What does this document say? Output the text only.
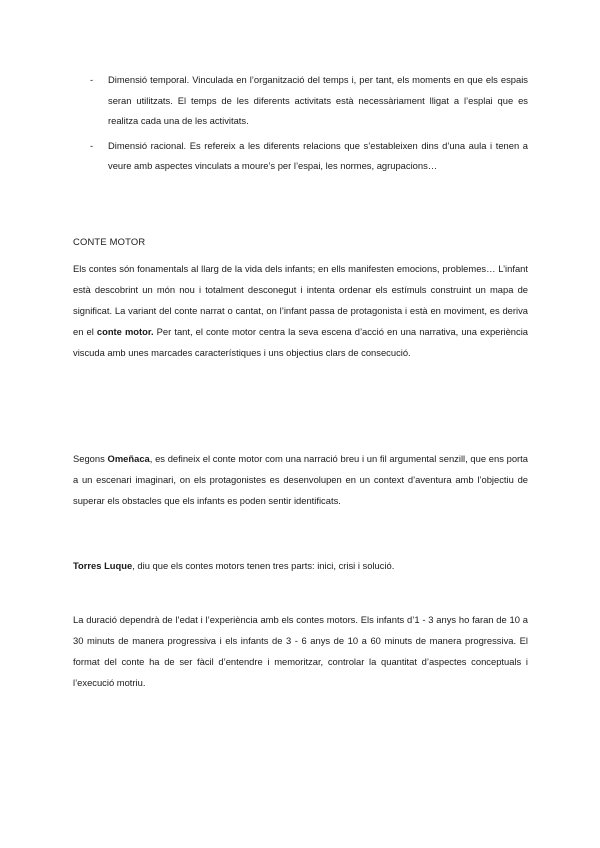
- Dimensió temporal. Vinculada en l’organització del temps i, per tant, els moments en que els espais seran utilitzats. El temps de les diferents activitats està necessàriament lligat a l’esplai que es realitza cada una de les activitats.
- Dimensió racional. Es refereix a les diferents relacions que s’estableixen dins d’una aula i tenen a veure amb aspectes vinculats a moure’s per l’espai, les normes, agrupacions…
CONTE MOTOR

Els contes són fonamentals al llarg de la vida dels infants; en ells manifesten emocions, problemes… L’infant està descobrint un món nou i totalment desconegut i intenta ordenar els estímuls construint un mapa de significat. La variant del conte narrat o cantat, on l’infant passa de protagonista i està en moviment, es deriva en el conte motor. Per tant, el conte motor centra la seva escena d’acció en una narrativa, una experiència viscuda amb unes marcades característiques i uns objectius clars de consecució.

Segons Omeñaca, es defineix el conte motor com una narració breu i un fil argumental senzill, que ens porta a un escenari imaginari, on els protagonistes es desenvolupen en un context d’aventura amb l’objectiu de superar els obstacles que els infants es poden sentir identificats.

Torres Luque, diu que els contes motors tenen tres parts: inici, crisi i solució.

La duració dependrà de l’edat i l’experiència amb els contes motors. Els infants d’1 - 3 anys ho faran de 10 a 30 minuts de manera progressiva i els infants de 3 - 6 anys de 10 a 60 minuts de manera progressiva. El format del conte ha de ser fàcil d’entendre i memoritzar, controlar la quantitat d’aspectes conceptuals i l’execució motriu.
